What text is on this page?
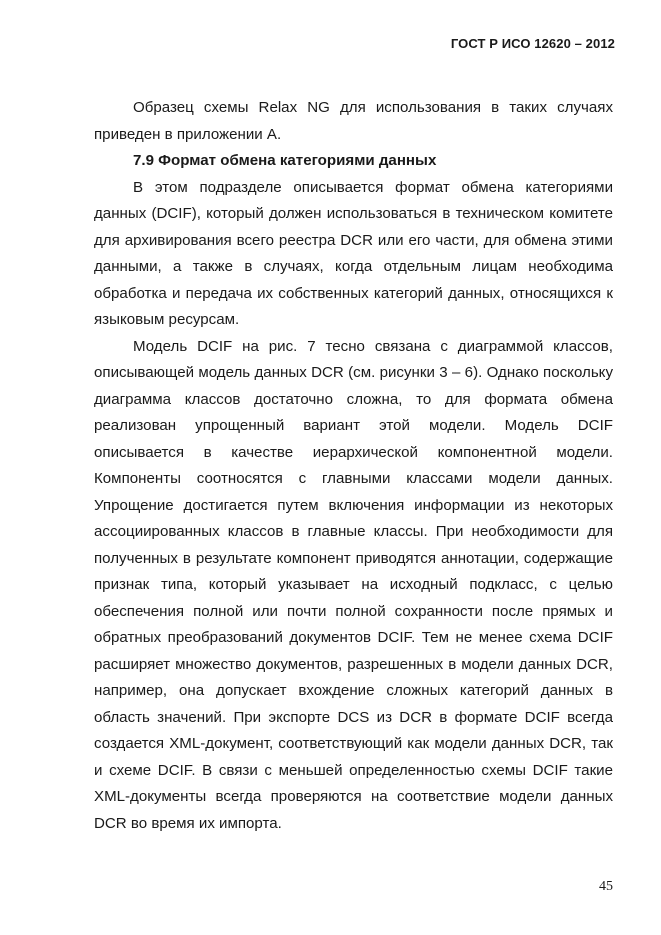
ГОСТ Р ИСО 12620 – 2012

Образец схемы Relax NG для использования в таких случаях приведен в приложении А.

7.9 Формат обмена категориями данных

В этом подразделе описывается формат обмена категориями данных (DCIF), который должен использоваться в техническом комитете для архивирования всего реестра DCR или его части, для обмена этими данными, а также в случаях, когда отдельным лицам необходима обработка и передача их собственных категорий данных, относящихся к языковым ресурсам.

Модель DCIF на рис. 7 тесно связана с диаграммой классов, описывающей модель данных DCR (см. рисунки 3 – 6). Однако поскольку диаграмма классов достаточно сложна, то для формата обмена реализован упрощенный вариант этой модели. Модель DCIF описывается в качестве иерархической компонентной модели. Компоненты соотносятся с главными классами модели данных. Упрощение достигается путем включения информации из некоторых ассоциированных классов в главные классы. При необходимости для полученных в результате компонент приводятся аннотации, содержащие признак типа, который указывает на исходный подкласс, с целью обеспечения полной или почти полной сохранности после прямых и обратных преобразований документов DCIF. Тем не менее схема DCIF расширяет множество документов, разрешенных в модели данных DCR, например, она допускает вхождение сложных категорий данных в область значений. При экспорте DCS из DCR в формате DCIF всегда создается XML-документ, соответствующий как модели данных DCR, так и схеме DCIF. В связи с меньшей определенностью схемы DCIF такие XML-документы всегда проверяются на соответствие модели данных DCR во время их импорта.

45
